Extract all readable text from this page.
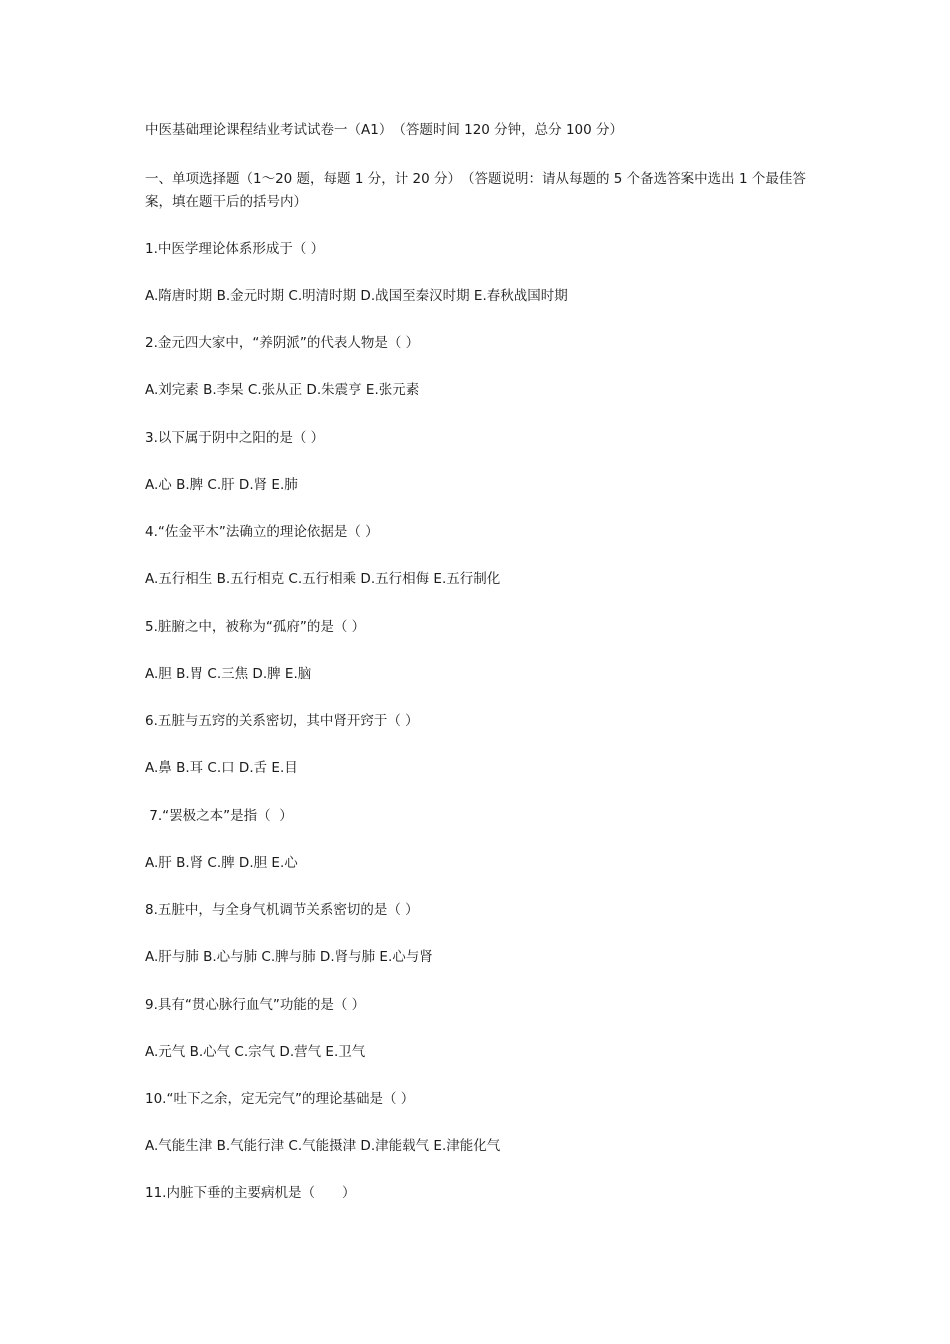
中医基础理论课程结业考试试卷一（A1）　（答题时间 120 分钟，总分 100 分）
一、单项选择题（1～20 题，每题 1 分，计 20 分）　（答题说明：请从每题的 5 个备选答案中选出 1 个最佳答案，填在题干后的括号内）
1.中医学理论体系形成于（ ）
A.隋唐时期 B.金元时期 C.明清时期 D.战国至秦汉时期 E.春秋战国时期
2.金元四大家中，“养阴派”的代表人物是（ ）
A.刘完素 B.李杲 C.张从正 D.朱震亨 E.张元素
3.以下属于阴中之阳的是（ ）
A.心 B.脾 C.肝 D.肾 E.肺
4.“佐金平木”法确立的理论依据是（ ）
A.五行相生 B.五行相克 C.五行相乘 D.五行相侮 E.五行制化
5.脏腑之中，被称为“孤府”的是（ ）
A.胆 B.胃 C.三焦 D.脾 E.脑
6.五脏与五窍的关系密切，其中肾开窍于（ ）
A.鼻 B.耳 C.口 D.舌 E.目
7.“罢极之本”是指（  ）
A.肝 B.肾 C.脾 D.胆 E.心
8.五脏中，与全身气机调节关系密切的是（ ）
A.肝与肺 B.心与肺 C.脾与肺 D.肾与肺 E.心与肾
9.具有“贯心脉行血气”功能的是（ ）
A.元气 B.心气 C.宗气 D.营气 E.卫气
10.“吐下之余，定无完气”的理论基础是（ ）
A.气能生津 B.气能行津 C.气能摄津 D.津能载气 E.津能化气
11.内脏下垂的主要病机是（　　）
